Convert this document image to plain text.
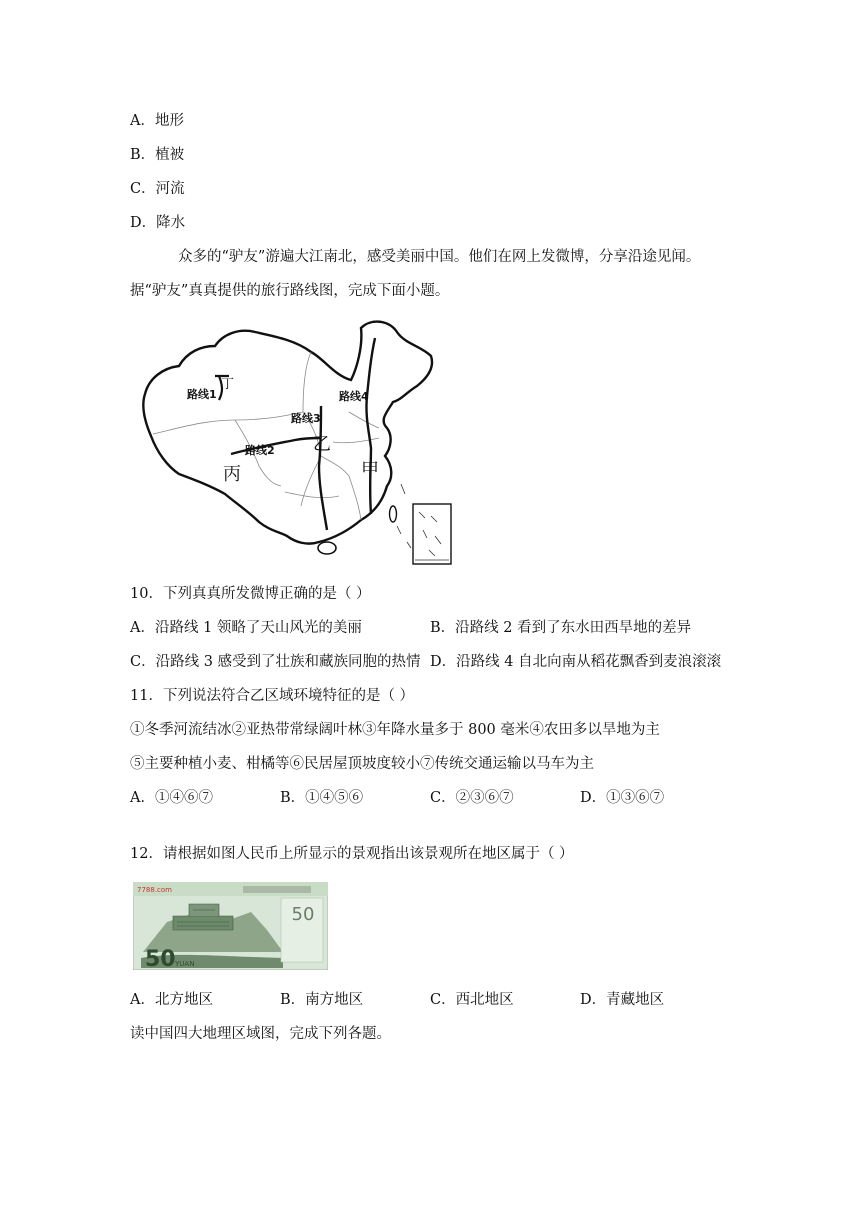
A．地形
B．植被
C．河流
D．降水
众多的“驴友”游遍大江南北，感受美丽中国。他们在网上发微博，分享沿途见闻。
据“驴友”真真提供的旅行路线图，完成下面小题。
路线1
丁
路线3
路线4
路线2 乙
丙	甲
10．下列真真所发微博正确的是（ ）
A．沿路线 1 领略了天山风光的美丽	B．沿路线 2 看到了东水田西旱地的差异
C．沿路线 3 感受到了壮族和藏族同胞的热情 D．沿路线 4 自北向南从稻花飘香到麦浪滚滚
11．下列说法符合乙区域环境特征的是（ ）
①冬季河流结冰②亚热带常绿阔叶林③年降水量多于 800 毫米④农田多以旱地为主
⑤主要种植小麦、柑橘等⑥民居屋顶坡度较小⑦传统交通运输以马车为主
A．①④⑥⑦	B．①④⑤⑥	C．②③⑥⑦	D．①③⑥⑦
12．请根据如图人民币上所显示的景观指出该景观所在地区属于（ ）
7788.com
50
50 YUAN
A．北方地区	B．南方地区	C．西北地区	D．青藏地区
读中国四大地理区域图，完成下列各题。
